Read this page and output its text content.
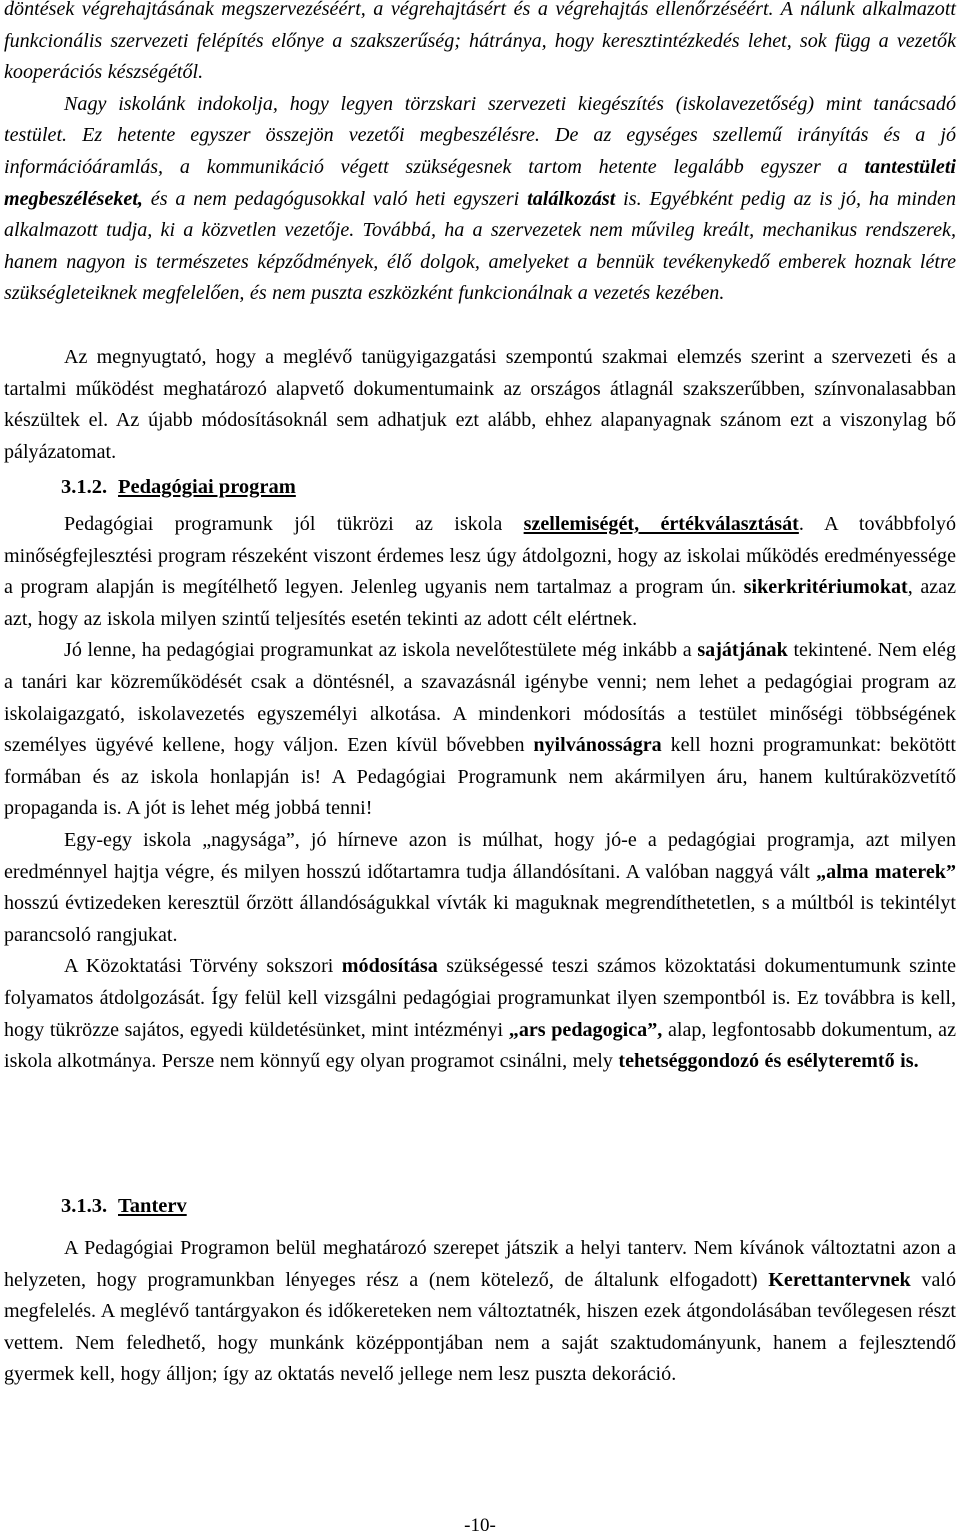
döntések végrehajtásának megszervezéséért, a végrehajtásért és a végrehajtás ellenőrzéséért. A nálunk alkalmazott funkcionális szervezeti felépítés előnye a szakszerűség; hátránya, hogy keresztintézkedés lehet, sok függ a vezetők kooperációs készségétől.
Nagy iskolánk indokolja, hogy legyen törzskari szervezeti kiegészítés (iskolavezetőség) mint tanácsadó testület. Ez hetente egyszer összejön vezetői megbeszélésre. De az egységes szellemű irányítás és a jó információáramlás, a kommunikáció végett szükségesnek tartom hetente legalább egyszer a tantestületi megbeszéléseket, és a nem pedagógusokkal való heti egyszeri találkozást is. Egyébként pedig az is jó, ha minden alkalmazott tudja, ki a közvetlen vezetője. Továbbá, ha a szervezetek nem művileg kreált, mechanikus rendszerek, hanem nagyon is természetes képződmények, élő dolgok, amelyeket a bennük tevékenykedő emberek hoznak létre szükségleteiknek megfelelően, és nem puszta eszközként funkcionálnak a vezetés kezében.

Az megnyugtató, hogy a meglévő tanügyigazgatási szempontú szakmai elemzés szerint a szervezeti és a tartalmi működést meghatározó alapvető dokumentumaink az országos átlagnál szakszerűbben, színvonalasabban készültek el. Az újabb módosításoknál sem adhatjuk ezt alább, ehhez alapanyagnak szánom ezt a viszonylag bő pályázatomat.

3.1.2. Pedagógiai program

Pedagógiai programunk jól tükrözi az iskola szellemiségét, értékválasztását. A továbbfolyó minőségfejlesztési program részeként viszont érdemes lesz úgy átdolgozni, hogy az iskolai működés eredményessége a program alapján is megítélhető legyen. Jelenleg ugyanis nem tartalmaz a program ún. sikerkritériumokat, azaz azt, hogy az iskola milyen szintű teljesítés esetén tekinti az adott célt elértnek.

Jó lenne, ha pedagógiai programunkat az iskola nevelőtestülete még inkább a sajátjának tekintené. Nem elég a tanári kar közreműködését csak a döntésnél, a szavazásnál igénybe venni; nem lehet a pedagógiai program az iskolaigazgató, iskolavezetés egyszemélyi alkotása. A mindenkori módosítás a testület minőségi többségének személyes ügyévé kellene, hogy váljon. Ezen kívül bővebben nyilvánosságra kell hozni programunkat: bekötött formában és az iskola honlapján is! A Pedagógiai Programunk nem akármilyen áru, hanem kultúraközvetítő propaganda is. A jót is lehet még jobbá tenni!

Egy-egy iskola „nagysága”, jó hírneve azon is múlhat, hogy jó-e a pedagógiai programja, azt milyen eredménnyel hajtja végre, és milyen hosszú időtartamra tudja állandósítani. A valóban naggyá vált „alma materek” hosszú évtizedeken keresztül őrzött állandóságukkal vívták ki maguknak megrendíthetetlen, s a múltból is tekintélyt parancsoló rangjukat.

A Közoktatási Törvény sokszori módosítása szükségessé teszi számos közoktatási dokumentumunk szinte folyamatos átdolgozását. Így felül kell vizsgálni pedagógiai programunkat ilyen szempontból is. Ez továbbra is kell, hogy tükrözze sajátos, egyedi küldetésünket, mint intézményi „ars pedagogica”, alap, legfontosabb dokumentum, az iskola alkotmánya. Persze nem könnyű egy olyan programot csinálni, mely tehetséggondozó és esélyteremtő is.

3.1.3. Tanterv

A Pedagógiai Programon belül meghatározó szerepet játszik a helyi tanterv. Nem kívánok változtatni azon a helyzeten, hogy programunkban lényeges rész a (nem kötelező, de általunk elfogadott) Kerettantervnek való megfelelés. A meglévő tantárgyakon és időkereteken nem változtatnék, hiszen ezek átgondolásában tevőlegesen részt vettem. Nem feledhető, hogy munkánk középpontjában nem a saját szaktudományunk, hanem a fejlesztendő gyermek kell, hogy álljon; így az oktatás nevelő jellege nem lesz puszta dekoráció.

-10-
